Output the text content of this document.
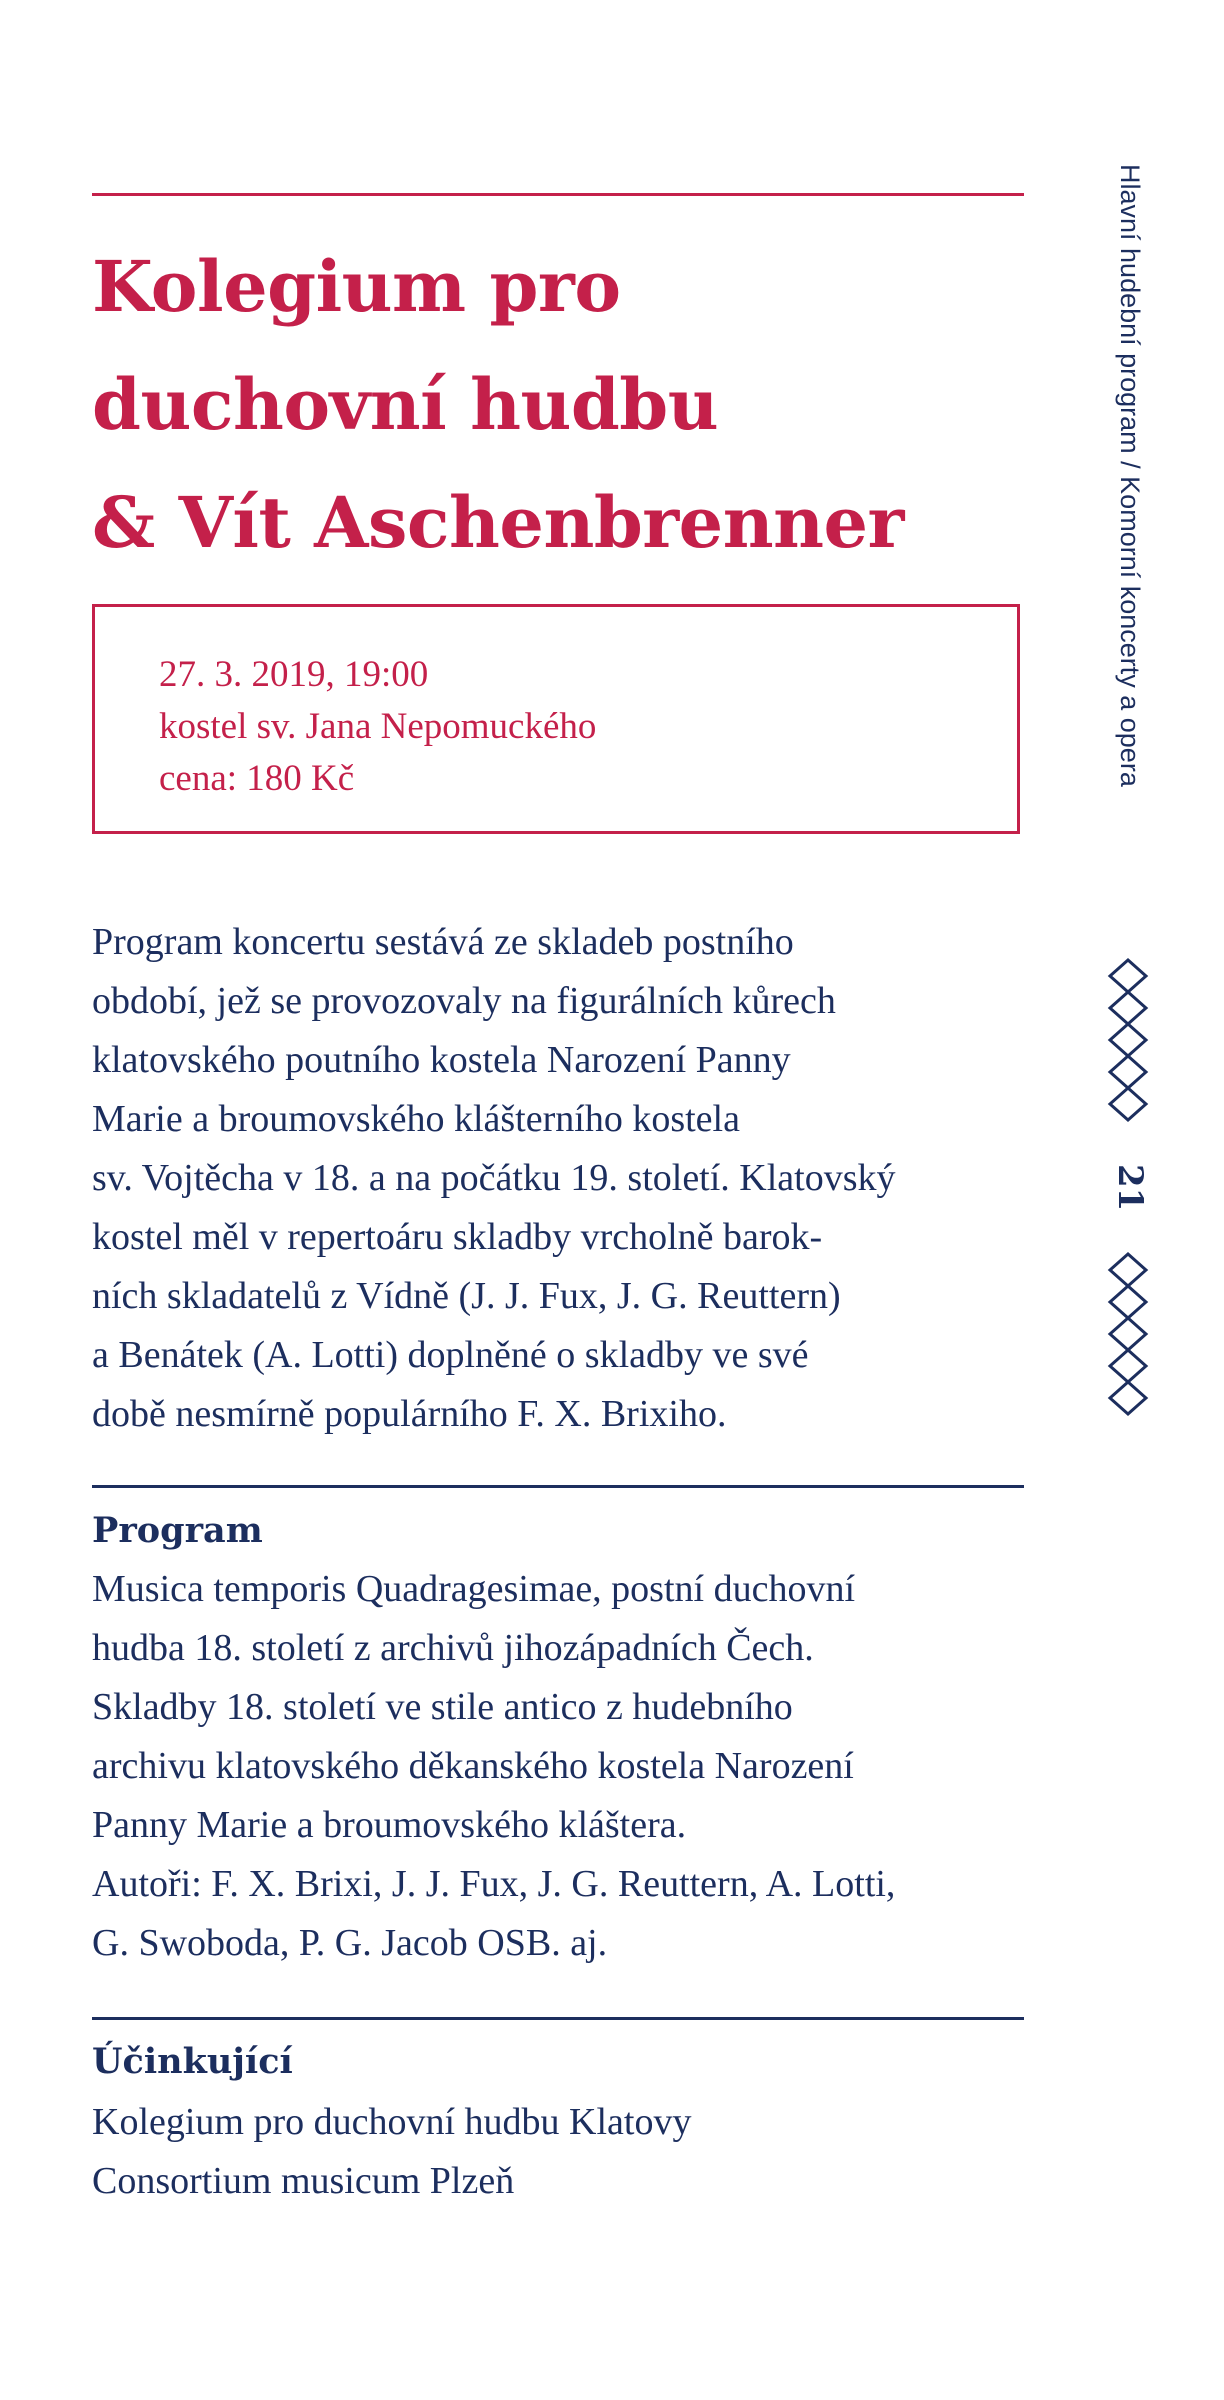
Kolegium pro
duchovní hudbu
& Vít Aschenbrenner
27. 3. 2019, 19:00
kostel sv. Jana Nepomuckého
cena: 180 Kč
Program koncertu sestává ze skladeb postního
období, jež se provozovaly na figurálních kůrech
klatovského poutního kostela Narození Panny
Marie a broumovského klášterního kostela
sv. Vojtěcha v 18. a na počátku 19. století. Klatovský
kostel měl v repertoáru skladby vrcholně barok-
ních skladatelů z Vídně (J. J. Fux, J. G. Reuttern)
a Benátek (A. Lotti) doplněné o skladby ve své
době nesmírně populárního F. X. Brixiho.
Program
Musica temporis Quadragesimae, postní duchovní
hudba 18. století z archivů jihozápadních Čech.
Skladby 18. století ve stile antico z hudebního
archivu klatovského děkanského kostela Narození
Panny Marie a broumovského kláštera.
Autoři: F. X. Brixi, J. J. Fux, J. G. Reuttern, A. Lotti,
G. Swoboda, P. G. Jacob OSB. aj.
Účinkující
Kolegium pro duchovní hudbu Klatovy
Consortium musicum Plzeň
Hlavní hudební program / Komorní koncerty a opera
21
